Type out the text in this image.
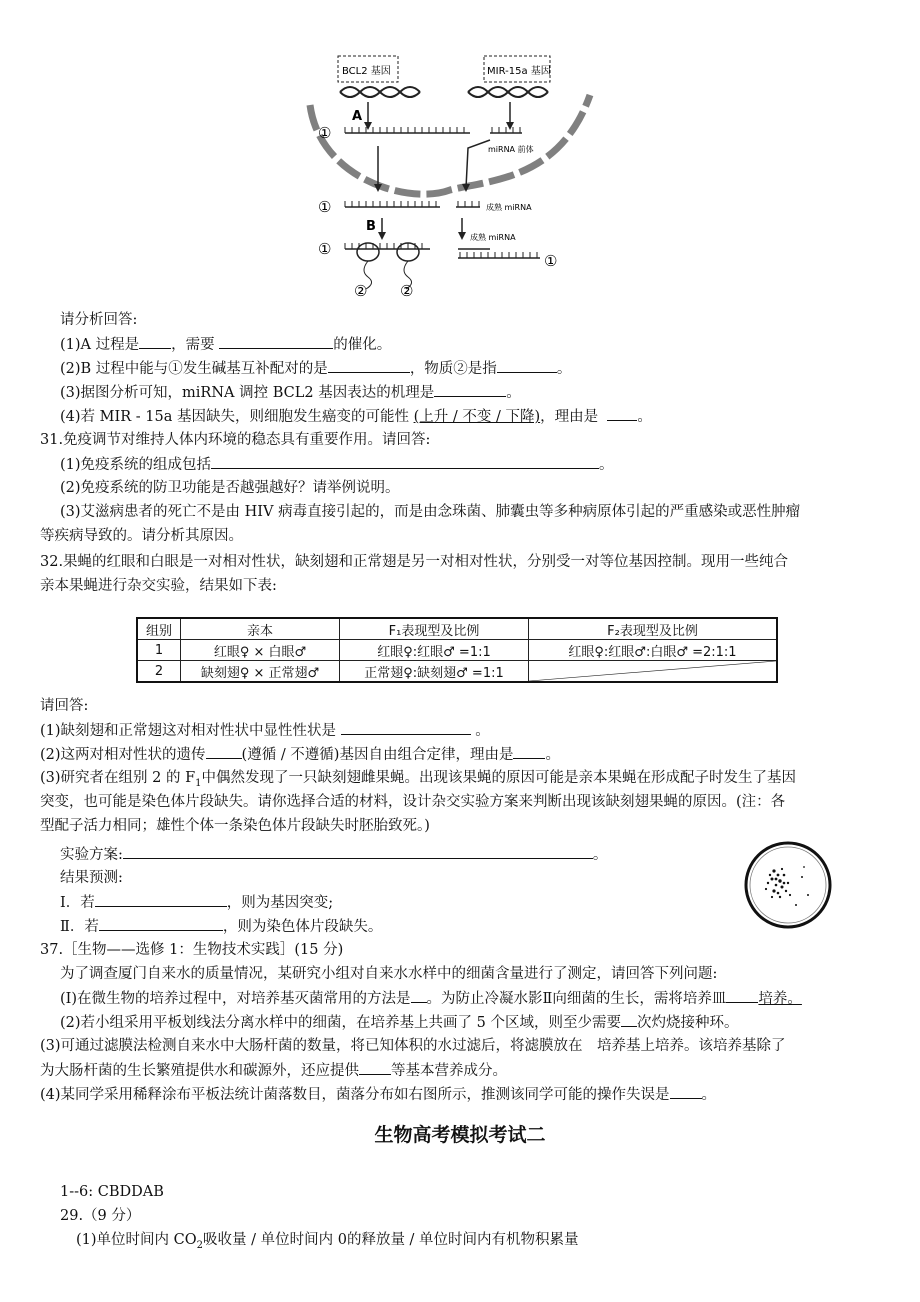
BCL2 基因	MIR-15a 基因
A
①
miRNA 前体
①	成熟 miRNA
B
成熟 miRNA
①
② ②
①
请分析回答:
(1)A 过程是 ，需要	的催化。
(2)B 过程中能与①发生碱基互补配对的是	，物质②是指	。
(3)据图分析可知，miRNA 调控 BCL2 基因表达的机理是	。
(4)若 MIR - 15a 基因缺失，则细胞发生癌变的可能性 (上升 / 不变 / 下降)，理由是	。
31.免疫调节对维持人体内环境的稳态具有重要作用。请回答:
(1)免疫系统的组成包括	。
(2)免疫系统的防卫功能是否越强越好？请举例说明。
(3)艾滋病患者的死亡不是由 HIV 病毒直接引起的，而是由念珠菌、肺囊虫等多种病原体引起的严重感染或恶性肿瘤
等疾病导致的。请分析其原因。
32.果蝇的红眼和白眼是一对相对性状，缺刻翅和正常翅是另一对相对性状，分别受一对等位基因控制。现用一些纯合
亲本果蝇进行杂交实验，结果如下表:
组别	亲本	F₁表现型及比例	F₂表现型及比例
1	红眼♀ × 白眼♂	红眼♀:红眼♂ =1:1	红眼♀:红眼♂:白眼♂ =2:1:1
2	缺刻翅♀ × 正常翅♂	正常翅♀:缺刻翅♂ =1:1	
请回答:
(1)缺刻翅和正常翅这对相对性状中显性性状是	。
(2)这两对相对性状的遗传 (遵循 / 不遵循)基因自由组合定律，理由是 。
(3)研究者在组别 2 的 $F_1$中偶然发现了一只缺刻翅雌果蝇。出现该果蝇的原因可能是亲本果蝇在形成配子时发生了基因
突变，也可能是染色体片段缺失。请你选择合适的材料，设计杂交实验方案来判断出现该缺刻翅果蝇的原因。(注：各
型配子活力相同；雄性个体一条染色体片段缺失时胚胎致死。)
实验方案:	。
结果预测:
I．若	，则为基因突变;
Ⅱ．若	，则为染色体片段缺失。
37.［生物——选修 1：生物技术实践］(15 分)
为了调查厦门自来水的质量情况，某研究小组对自来水水样中的细菌含量进行了测定，请回答下列问题:
(I)在微生物的培养过程中，对培养基灭菌常用的方法是 。为防止冷凝水影Ⅱ向细菌的生长，需将培养皿 培养。
(2)若小组采用平板划线法分离水样中的细菌，在培养基上共画了 5 个区域，则至少需要 次灼烧接种环。
(3)可通过滤膜法检测自来水中大肠杆菌的数量，将已知体积的水过滤后，将滤膜放在　培养基上培养。该培养基除了
为大肠杆菌的生长繁殖提供水和碳源外，还应提供 等基本营养成分。
(4)某同学采用稀释涂布平板法统计菌落数目，菌落分布如右图所示，推测该同学可能的操作失误是 。
生物高考模拟考试二
1--6: CBDDAB
29.（9 分）
(1)单位时间内 $CO_2$吸收量 / 单位时间内 0的释放量 / 单位时间内有机物积累量
